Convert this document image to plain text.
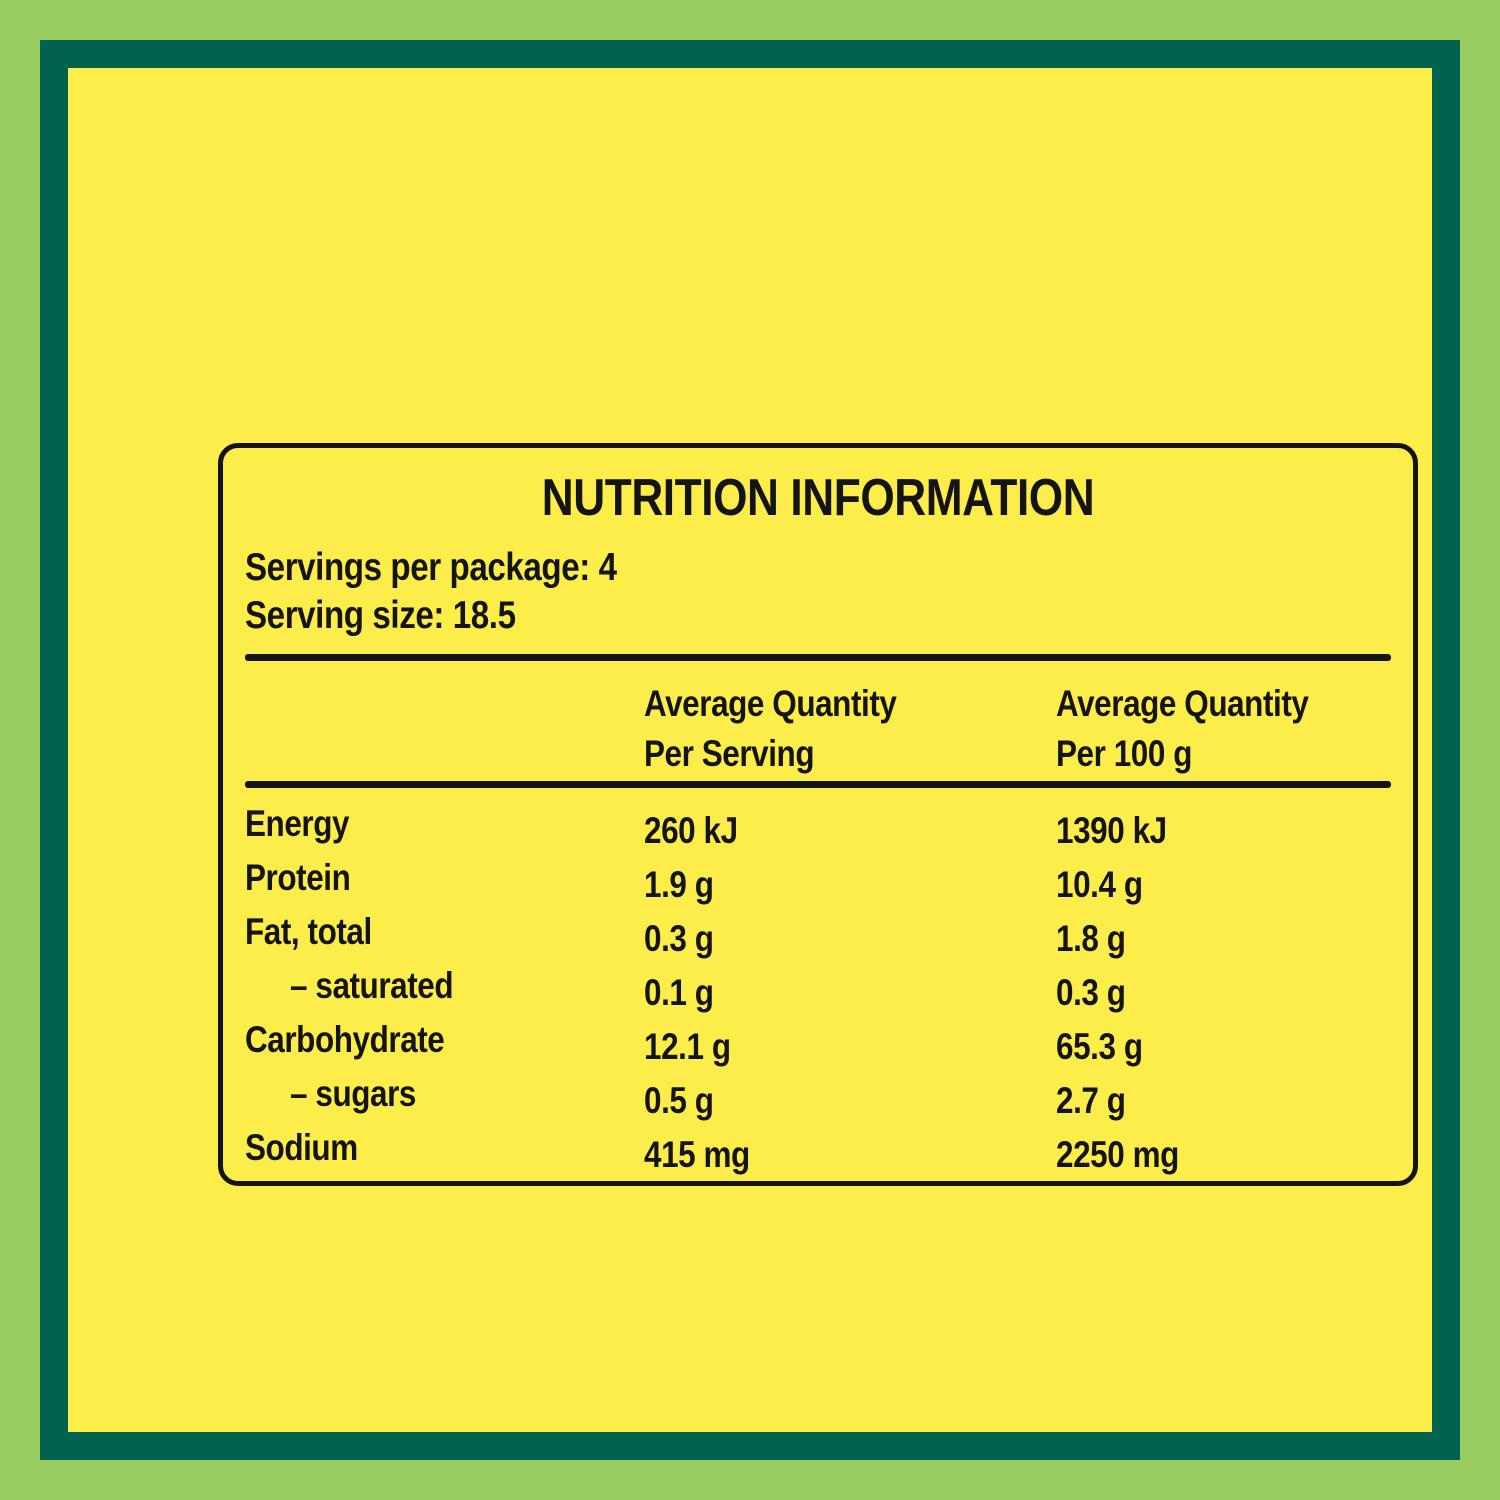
NUTRITION INFORMATION
Servings per package: 4
Serving size: 18.5
Average Quantity
Per Serving
Average Quantity
Per 100 g
Energy	260 kJ	1390 kJ
Protein	1.9 g	10.4 g
Fat, total	0.3 g	1.8 g
– saturated	0.1 g	0.3 g
Carbohydrate	12.1 g	65.3 g
– sugars	0.5 g	2.7 g
Sodium	415 mg	2250 mg
